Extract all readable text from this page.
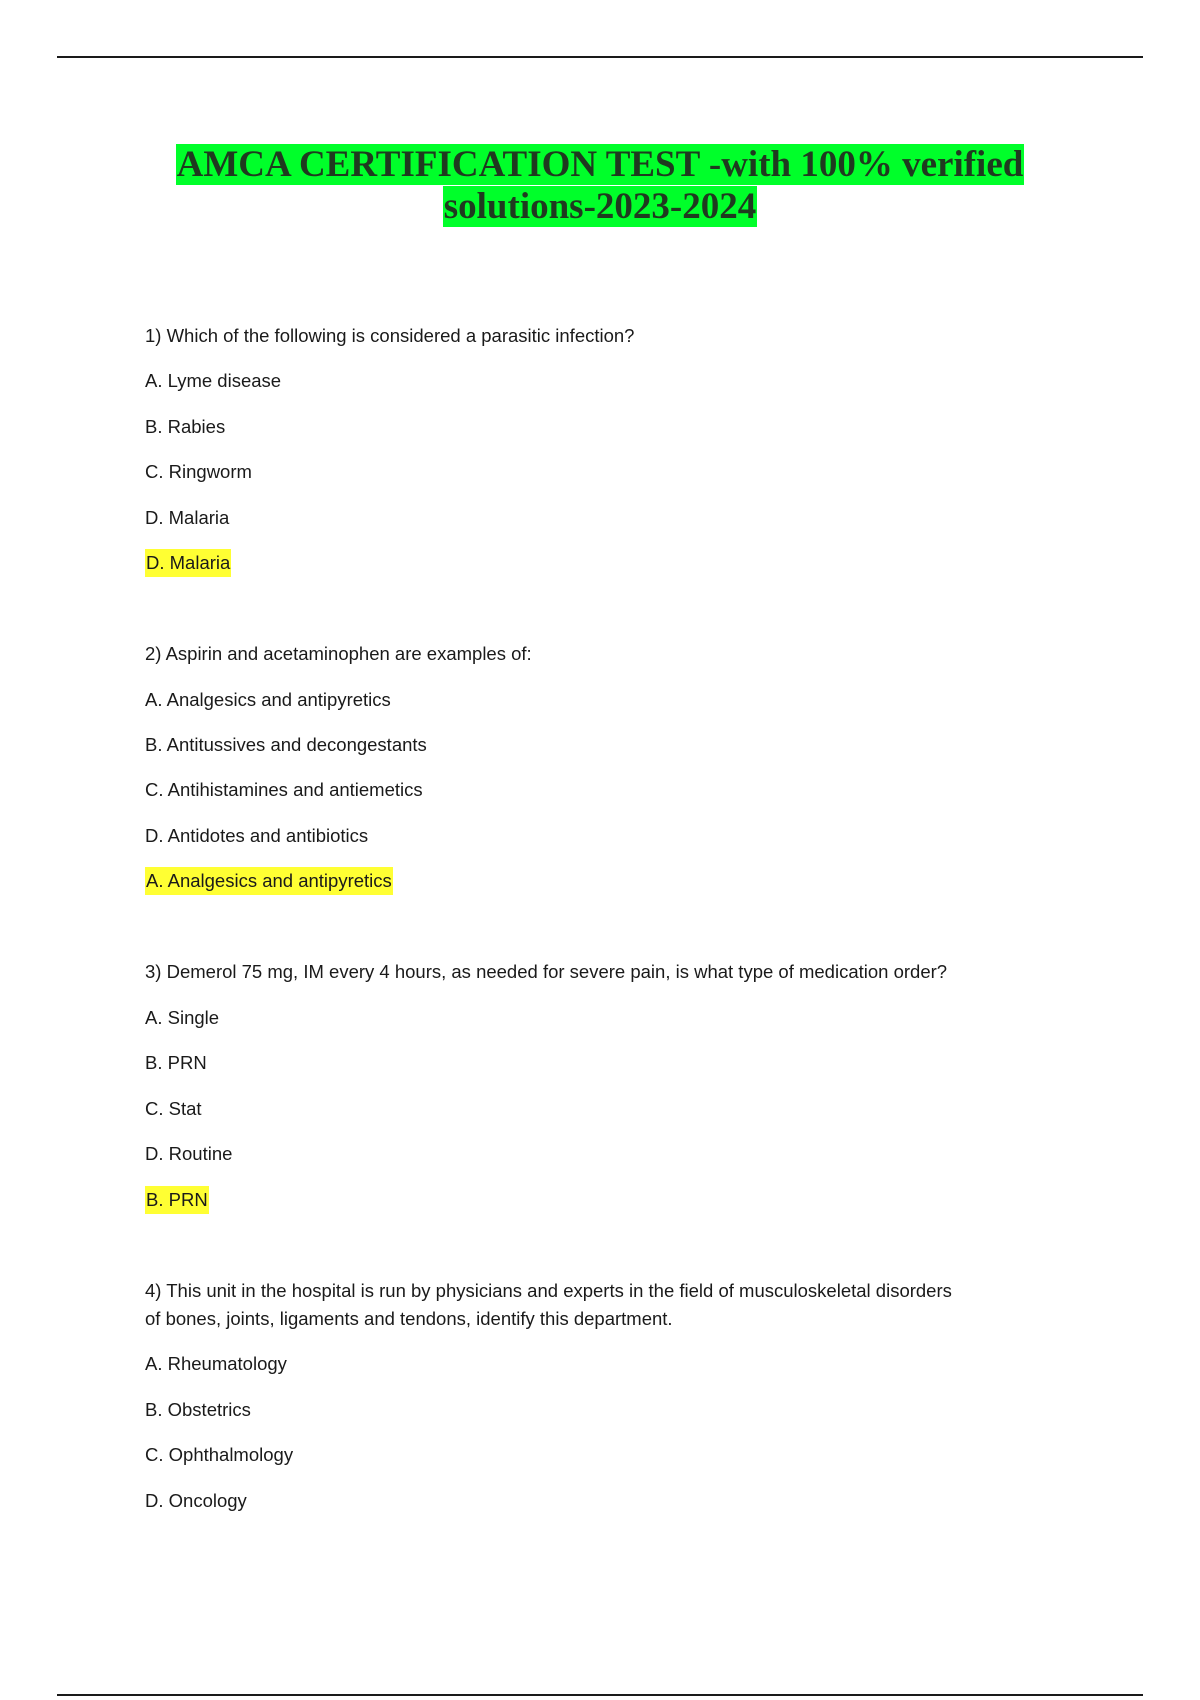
AMCA CERTIFICATION TEST -with 100% verified
solutions-2023-2024
1) Which of the following is considered a parasitic infection?
A. Lyme disease
B. Rabies
C. Ringworm
D. Malaria
D. Malaria
2) Aspirin and acetaminophen are examples of:
A. Analgesics and antipyretics
B. Antitussives and decongestants
C. Antihistamines and antiemetics
D. Antidotes and antibiotics
A. Analgesics and antipyretics
3) Demerol 75 mg, IM every 4 hours, as needed for severe pain, is what type of medication order?
A. Single
B. PRN
C. Stat
D. Routine
B. PRN
4) This unit in the hospital is run by physicians and experts in the field of musculoskeletal disorders
of bones, joints, ligaments and tendons, identify this department.
A. Rheumatology
B. Obstetrics
C. Ophthalmology
D. Oncology
